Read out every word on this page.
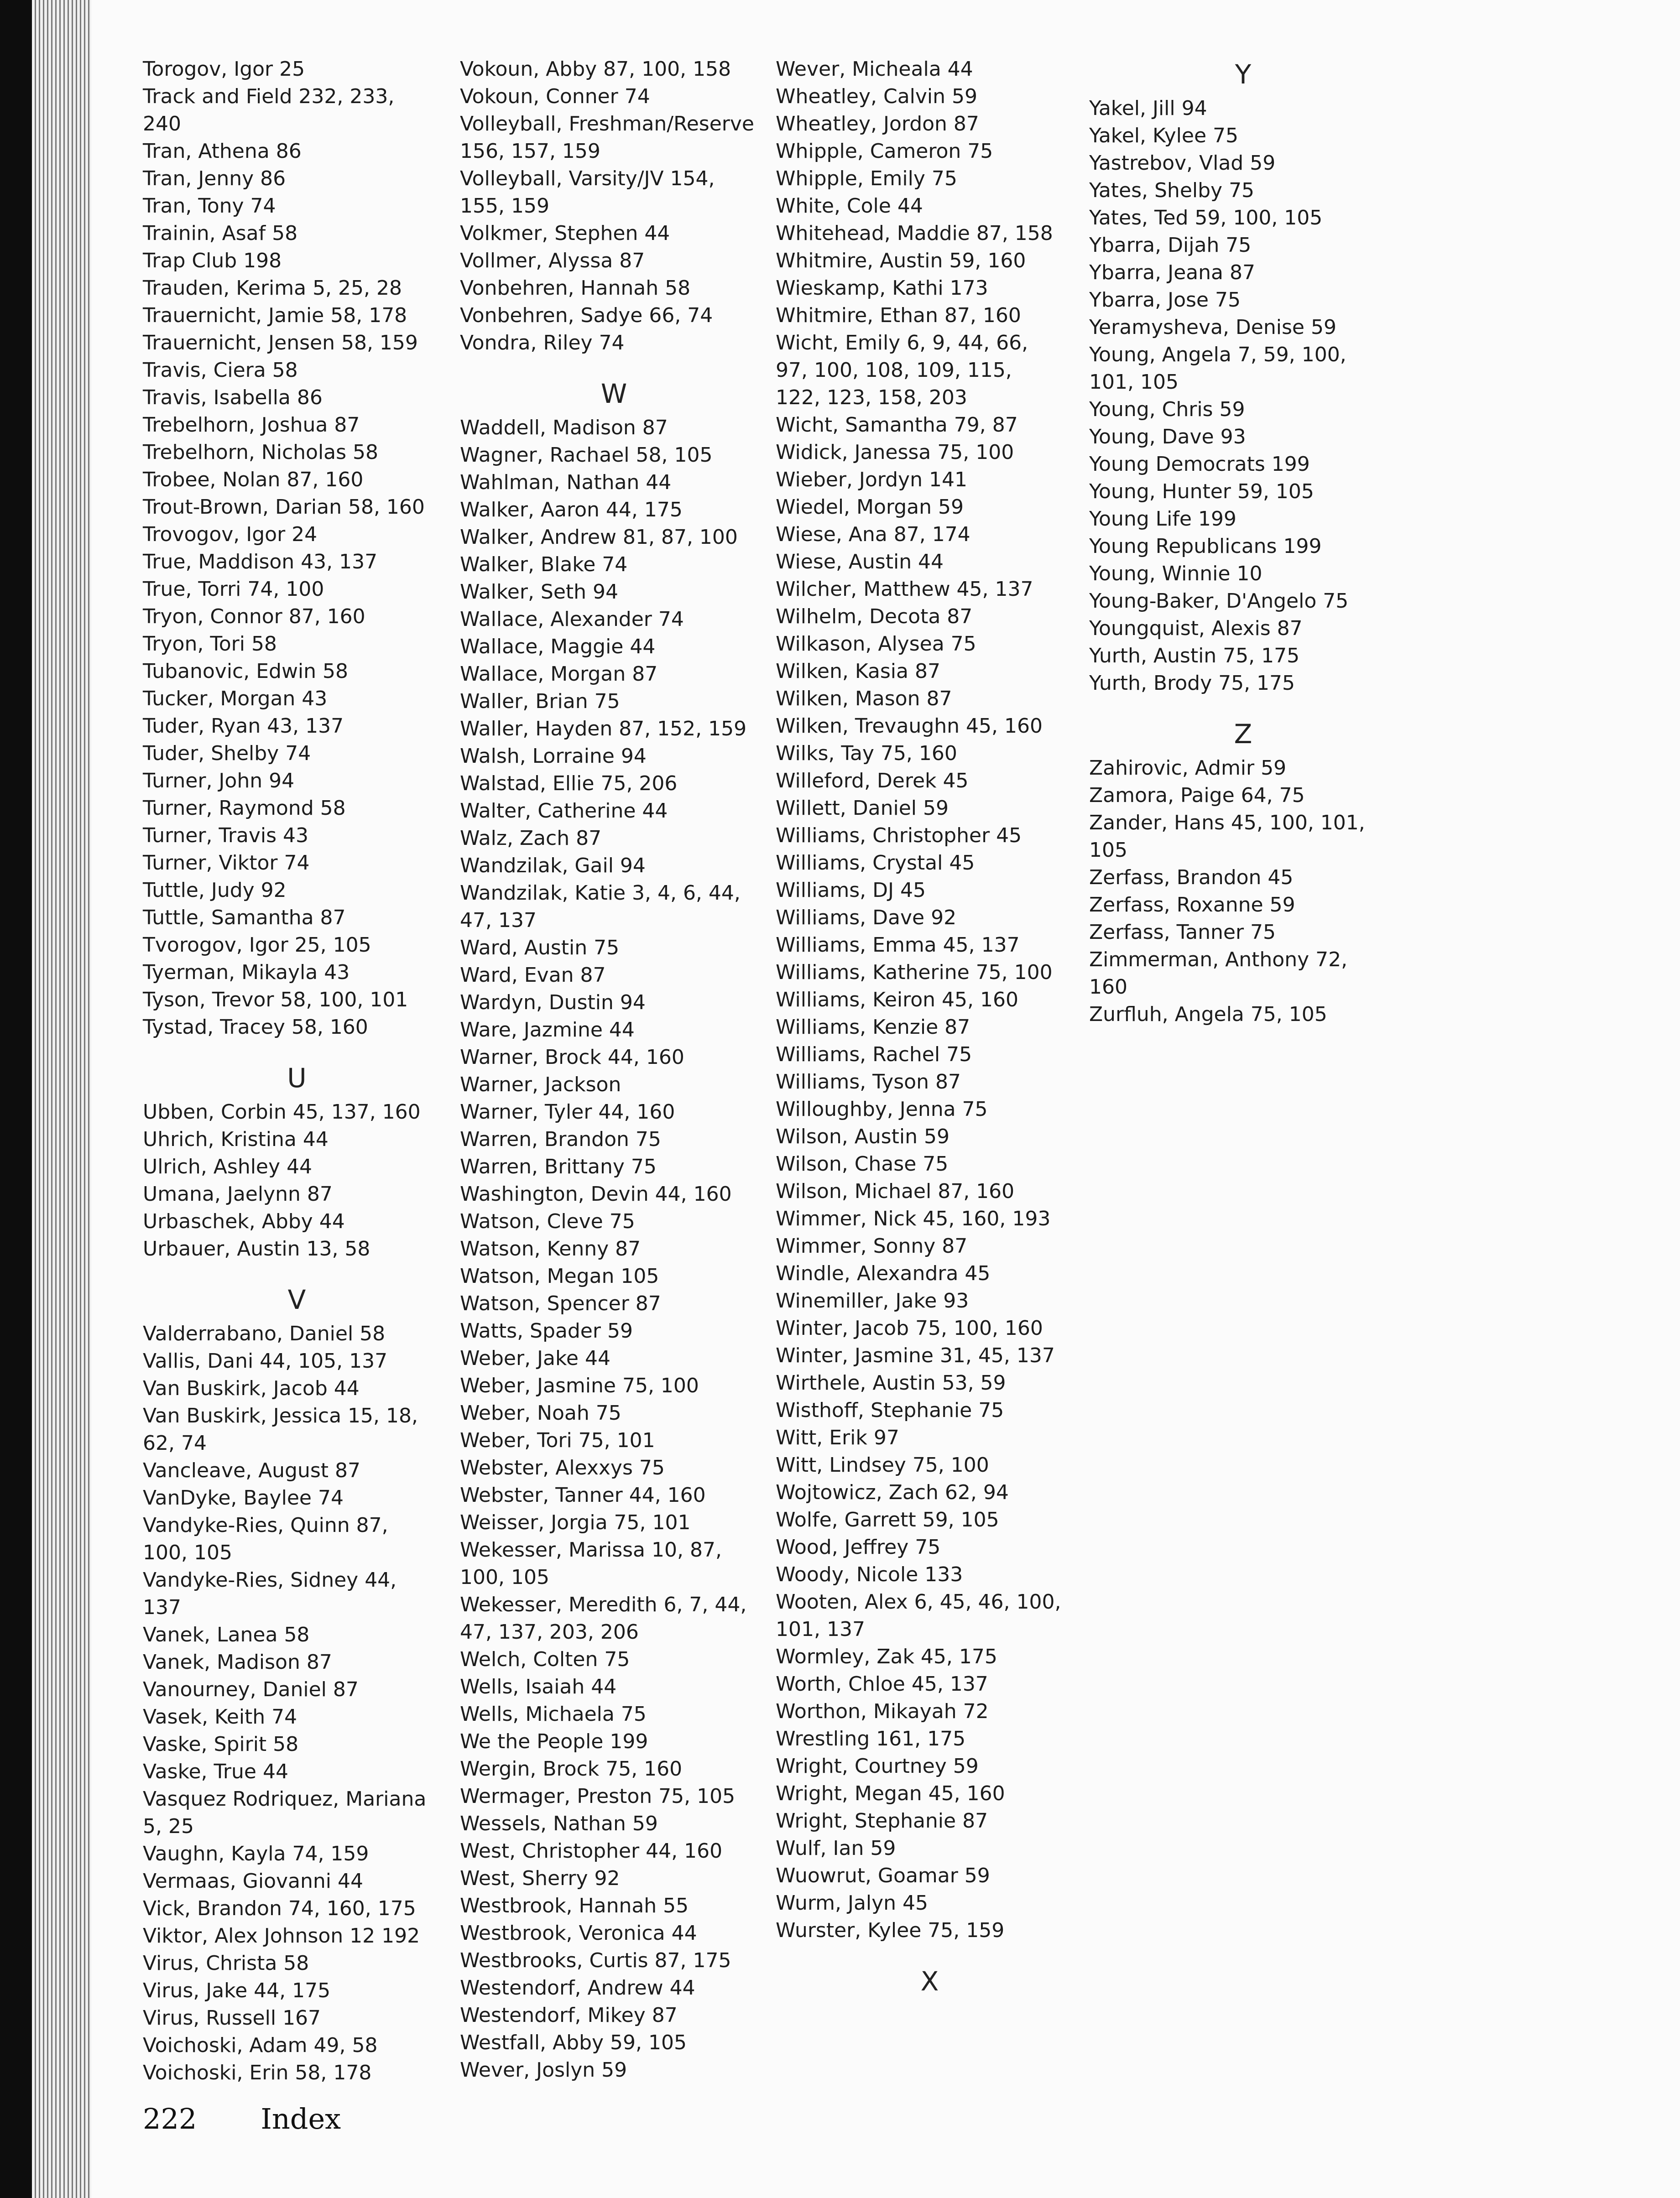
Torogov, Igor 25
Track and Field 232, 233,
240
Tran, Athena 86
Tran, Jenny 86
Tran, Tony 74
Trainin, Asaf 58
Trap Club 198
Trauden, Kerima 5, 25, 28
Trauernicht, Jamie 58, 178
Trauernicht, Jensen 58, 159
Travis, Ciera 58
Travis, Isabella 86
Trebelhorn, Joshua 87
Trebelhorn, Nicholas 58
Trobee, Nolan 87, 160
Trout-Brown, Darian 58, 160
Trovogov, Igor 24
True, Maddison 43, 137
True, Torri 74, 100
Tryon, Connor 87, 160
Tryon, Tori 58
Tubanovic, Edwin 58
Tucker, Morgan 43
Tuder, Ryan 43, 137
Tuder, Shelby 74
Turner, John 94
Turner, Raymond 58
Turner, Travis 43
Turner, Viktor 74
Tuttle, Judy 92
Tuttle, Samantha 87
Tvorogov, Igor 25, 105
Tyerman, Mikayla 43
Tyson, Trevor 58, 100, 101
Tystad, Tracey 58, 160
U
Ubben, Corbin 45, 137, 160
Uhrich, Kristina 44
Ulrich, Ashley 44
Umana, Jaelynn 87
Urbaschek, Abby 44
Urbauer, Austin 13, 58
V
Valderrabano, Daniel 58
Vallis, Dani 44, 105, 137
Van Buskirk, Jacob 44
Van Buskirk, Jessica 15, 18,
62, 74
Vancleave, August 87
VanDyke, Baylee 74
Vandyke-Ries, Quinn 87,
100, 105
Vandyke-Ries, Sidney 44,
137
Vanek, Lanea 58
Vanek, Madison 87
Vanourney, Daniel 87
Vasek, Keith 74
Vaske, Spirit 58
Vaske, True 44
Vasquez Rodriquez, Mariana
5, 25
Vaughn, Kayla 74, 159
Vermaas, Giovanni 44
Vick, Brandon 74, 160, 175
Viktor, Alex Johnson 12 192
Virus, Christa 58
Virus, Jake 44, 175
Virus, Russell 167
Voichoski, Adam 49, 58
Voichoski, Erin 58, 178
Vokoun, Abby 87, 100, 158
Vokoun, Conner 74
Volleyball, Freshman/Reserve
156, 157, 159
Volleyball, Varsity/JV 154,
155, 159
Volkmer, Stephen 44
Vollmer, Alyssa 87
Vonbehren, Hannah 58
Vonbehren, Sadye 66, 74
Vondra, Riley 74
W
Waddell, Madison 87
Wagner, Rachael 58, 105
Wahlman, Nathan 44
Walker, Aaron 44, 175
Walker, Andrew 81, 87, 100
Walker, Blake 74
Walker, Seth 94
Wallace, Alexander 74
Wallace, Maggie 44
Wallace, Morgan 87
Waller, Brian 75
Waller, Hayden 87, 152, 159
Walsh, Lorraine 94
Walstad, Ellie 75, 206
Walter, Catherine 44
Walz, Zach 87
Wandzilak, Gail 94
Wandzilak, Katie 3, 4, 6, 44,
47, 137
Ward, Austin 75
Ward, Evan 87
Wardyn, Dustin 94
Ware, Jazmine 44
Warner, Brock 44, 160
Warner, Jackson
Warner, Tyler 44, 160
Warren, Brandon 75
Warren, Brittany 75
Washington, Devin 44, 160
Watson, Cleve 75
Watson, Kenny 87
Watson, Megan 105
Watson, Spencer 87
Watts, Spader 59
Weber, Jake 44
Weber, Jasmine 75, 100
Weber, Noah 75
Weber, Tori 75, 101
Webster, Alexxys 75
Webster, Tanner 44, 160
Weisser, Jorgia 75, 101
Wekesser, Marissa 10, 87,
100, 105
Wekesser, Meredith 6, 7, 44,
47, 137, 203, 206
Welch, Colten 75
Wells, Isaiah 44
Wells, Michaela 75
We the People 199
Wergin, Brock 75, 160
Wermager, Preston 75, 105
Wessels, Nathan 59
West, Christopher 44, 160
West, Sherry 92
Westbrook, Hannah 55
Westbrook, Veronica 44
Westbrooks, Curtis 87, 175
Westendorf, Andrew 44
Westendorf, Mikey 87
Westfall, Abby 59, 105
Wever, Joslyn 59
Wever, Micheala 44
Wheatley, Calvin 59
Wheatley, Jordon 87
Whipple, Cameron 75
Whipple, Emily 75
White, Cole 44
Whitehead, Maddie 87, 158
Whitmire, Austin 59, 160
Wieskamp, Kathi 173
Whitmire, Ethan 87, 160
Wicht, Emily 6, 9, 44, 66,
97, 100, 108, 109, 115,
122, 123, 158, 203
Wicht, Samantha 79, 87
Widick, Janessa 75, 100
Wieber, Jordyn 141
Wiedel, Morgan 59
Wiese, Ana 87, 174
Wiese, Austin 44
Wilcher, Matthew 45, 137
Wilhelm, Decota 87
Wilkason, Alysea 75
Wilken, Kasia 87
Wilken, Mason 87
Wilken, Trevaughn 45, 160
Wilks, Tay 75, 160
Willeford, Derek 45
Willett, Daniel 59
Williams, Christopher 45
Williams, Crystal 45
Williams, DJ 45
Williams, Dave 92
Williams, Emma 45, 137
Williams, Katherine 75, 100
Williams, Keiron 45, 160
Williams, Kenzie 87
Williams, Rachel 75
Williams, Tyson 87
Willoughby, Jenna 75
Wilson, Austin 59
Wilson, Chase 75
Wilson, Michael 87, 160
Wimmer, Nick 45, 160, 193
Wimmer, Sonny 87
Windle, Alexandra 45
Winemiller, Jake 93
Winter, Jacob 75, 100, 160
Winter, Jasmine 31, 45, 137
Wirthele, Austin 53, 59
Wisthoff, Stephanie 75
Witt, Erik 97
Witt, Lindsey 75, 100
Wojtowicz, Zach 62, 94
Wolfe, Garrett 59, 105
Wood, Jeffrey 75
Woody, Nicole 133
Wooten, Alex 6, 45, 46, 100,
101, 137
Wormley, Zak 45, 175
Worth, Chloe 45, 137
Worthon, Mikayah 72
Wrestling 161, 175
Wright, Courtney 59
Wright, Megan 45, 160
Wright, Stephanie 87
Wulf, Ian 59
Wuowrut, Goamar 59
Wurm, Jalyn 45
Wurster, Kylee 75, 159
X
Y
Yakel, Jill 94
Yakel, Kylee 75
Yastrebov, Vlad 59
Yates, Shelby 75
Yates, Ted 59, 100, 105
Ybarra, Dijah 75
Ybarra, Jeana 87
Ybarra, Jose 75
Yeramysheva, Denise 59
Young, Angela 7, 59, 100,
101, 105
Young, Chris 59
Young, Dave 93
Young Democrats 199
Young, Hunter 59, 105
Young Life 199
Young Republicans 199
Young, Winnie 10
Young-Baker, D'Angelo 75
Youngquist, Alexis 87
Yurth, Austin 75, 175
Yurth, Brody 75, 175
Z
Zahirovic, Admir 59
Zamora, Paige 64, 75
Zander, Hans 45, 100, 101,
105
Zerfass, Brandon 45
Zerfass, Roxanne 59
Zerfass, Tanner 75
Zimmerman, Anthony 72,
160
Zurfluh, Angela 75, 105
222 Index
